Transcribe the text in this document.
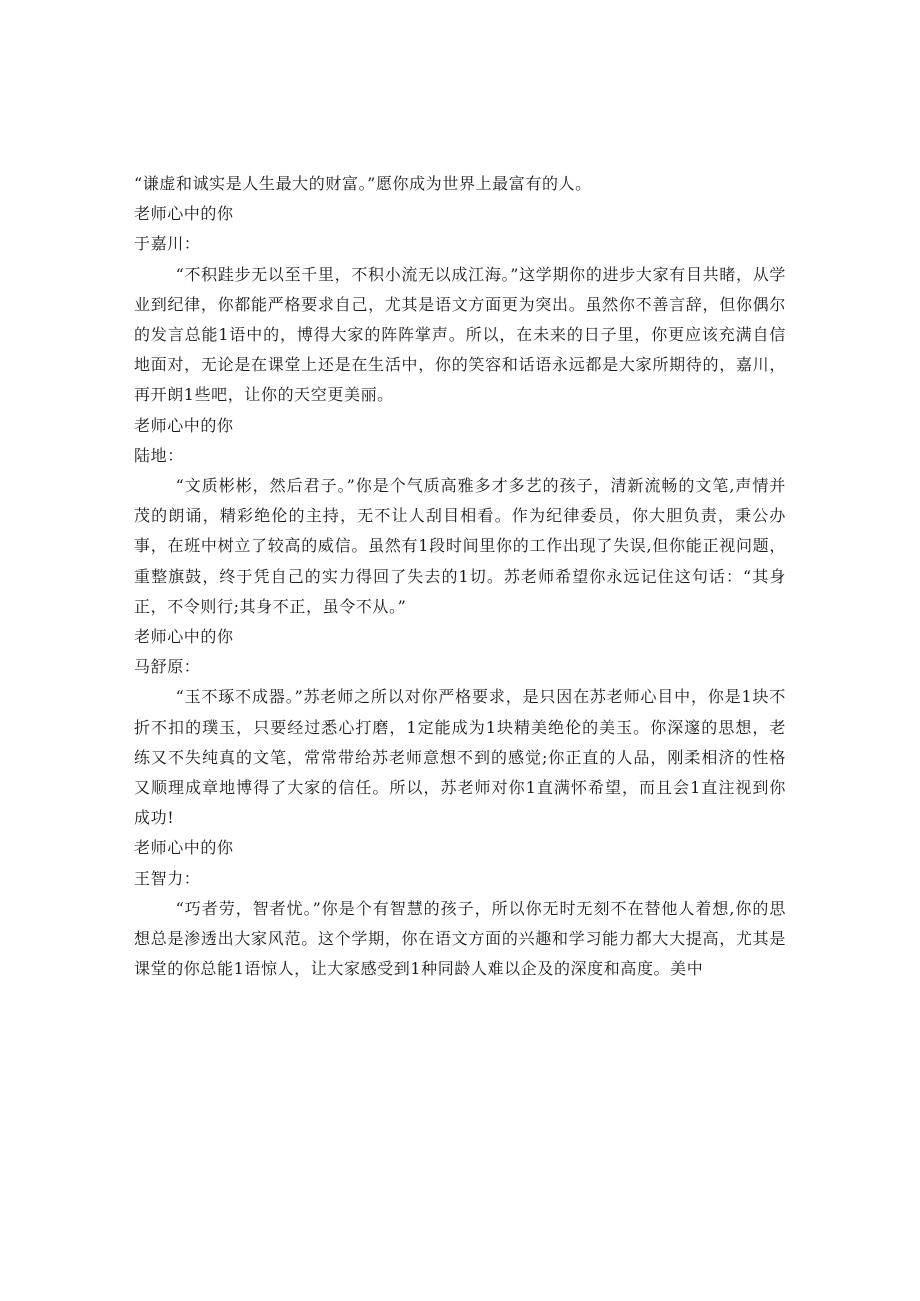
“谦虚和诚实是人生最大的财富。”愿你成为世界上最富有的人。

老师心中的你

于嘉川：

“不积跬步无以至千里，不积小流无以成江海。”这学期你的进步大家有目共睹，从学业到纪律，你都能严格要求自己，尤其是语文方面更为突出。虽然你不善言辞，但你偶尔的发言总能1语中的，博得大家的阵阵掌声。所以，在未来的日子里，你更应该充满自信地面对，无论是在课堂上还是在生活中，你的笑容和话语永远都是大家所期待的，嘉川，再开朗1些吧，让你的天空更美丽。

老师心中的你

陆地：

“文质彬彬，然后君子。”你是个气质高雅多才多艺的孩子，清新流畅的文笔,声情并茂的朗诵，精彩绝伦的主持，无不让人刮目相看。作为纪律委员，你大胆负责，秉公办事，在班中树立了较高的威信。虽然有1段时间里你的工作出现了失误,但你能正视问题，重整旗鼓，终于凭自己的实力得回了失去的1切。苏老师希望你永远记住这句话：“其身正，不令则行;其身不正，虽令不从。”

老师心中的你

马舒原：

“玉不琢不成器。”苏老师之所以对你严格要求，是只因在苏老师心目中，你是1块不折不扣的璞玉，只要经过悉心打磨，1定能成为1块精美绝伦的美玉。你深邃的思想，老练又不失纯真的文笔，常常带给苏老师意想不到的感觉;你正直的人品，刚柔相济的性格又顺理成章地博得了大家的信任。所以，苏老师对你1直满怀希望，而且会1直注视到你成功!

老师心中的你

王智力：

“巧者劳，智者忧。”你是个有智慧的孩子，所以你无时无刻不在替他人着想,你的思想总是渗透出大家风范。这个学期，你在语文方面的兴趣和学习能力都大大提高，尤其是课堂的你总能1语惊人，让大家感受到1种同龄人难以企及的深度和高度。美中
